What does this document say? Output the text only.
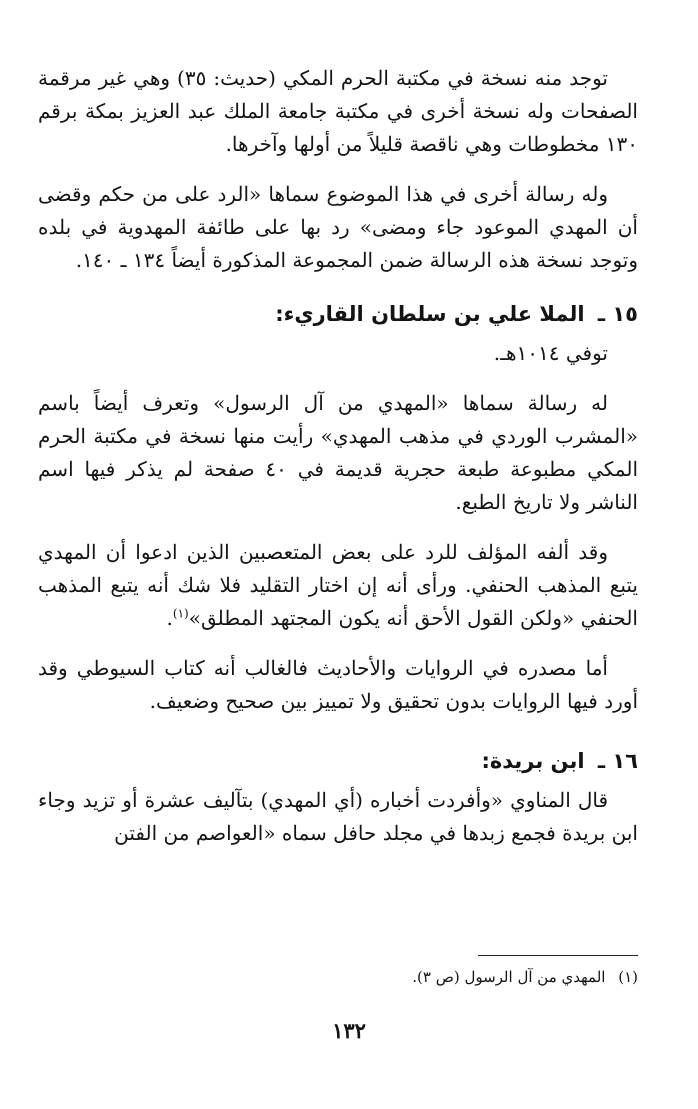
توجد منه نسخة في مكتبة الحرم المكي (حديث: ٣٥) وهي غير مرقمة الصفحات وله نسخة أخرى في مكتبة جامعة الملك عبد العزيز بمكة برقم ١٣٠ مخطوطات وهي ناقصة قليلاً من أولها وآخرها.

وله رسالة أخرى في هذا الموضوع سماها «الرد على من حكم وقضى أن المهدي الموعود جاء ومضى» رد بها على طائفة المهدوية في بلده وتوجد نسخة هذه الرسالة ضمن المجموعة المذكورة أيضاً ١٣٤ ـ ١٤٠.

١٥ ـ الملا علي بن سلطان القاريء:

توفي ١٠١٤هـ.

له رسالة سماها «المهدي من آل الرسول» وتعرف أيضاً باسم «المشرب الوردي في مذهب المهدي» رأيت منها نسخة في مكتبة الحرم المكي مطبوعة طبعة حجرية قديمة في ٤٠ صفحة لم يذكر فيها اسم الناشر ولا تاريخ الطبع.

وقد ألفه المؤلف للرد على بعض المتعصبين الذين ادعوا أن المهدي يتبع المذهب الحنفي. ورأى أنه إن اختار التقليد فلا شك أنه يتبع المذهب الحنفي «ولكن القول الأحق أنه يكون المجتهد المطلق»$^{(١)}$.

أما مصدره في الروايات والأحاديث فالغالب أنه كتاب السيوطي وقد أورد فيها الروايات بدون تحقيق ولا تمييز بين صحيح وضعيف.

١٦ ـ ابن بريدة:

قال المناوي «وأفردت أخباره (أي المهدي) بتآليف عشرة أو تزيد وجاء ابن بريدة فجمع زبدها في مجلد حافل سماه «العواصم من الفتن

(١) المهدي من آل الرسول (ص ٣).
١٣٢
